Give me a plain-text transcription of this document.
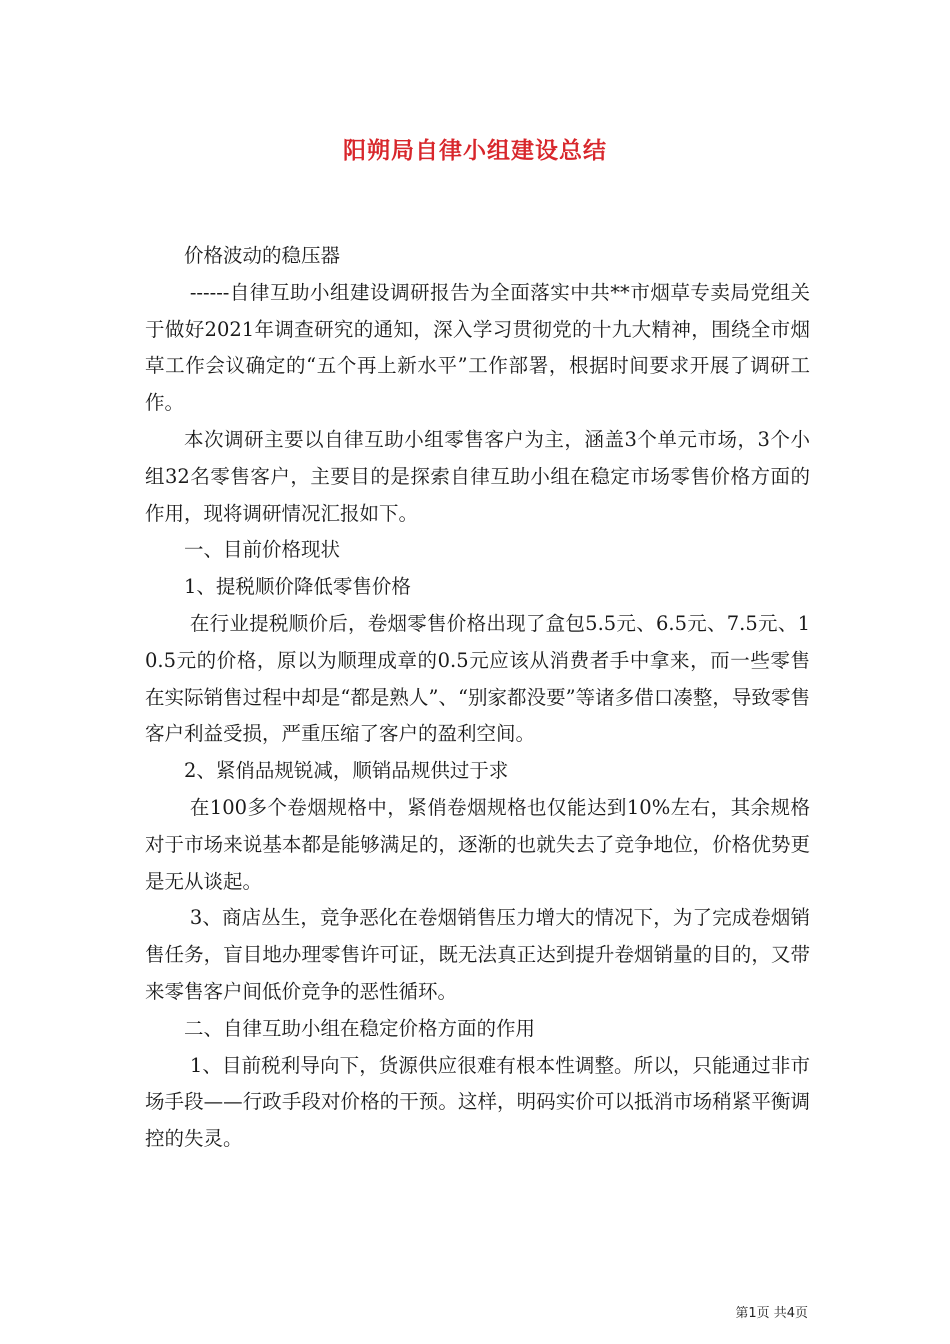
阳朔局自律小组建设总结

价格波动的稳压器

------自律互助小组建设调研报告为全面落实中共**市烟草专卖局党组关于做好2021年调查研究的通知，深入学习贯彻党的十九大精神，围绕全市烟草工作会议确定的“五个再上新水平”工作部署，根据时间要求开展了调研工作。

本次调研主要以自律互助小组零售客户为主，涵盖3个单元市场，3个小组32名零售客户，主要目的是探索自律互助小组在稳定市场零售价格方面的作用，现将调研情况汇报如下。

一、目前价格现状

1、提税顺价降低零售价格

在行业提税顺价后，卷烟零售价格出现了盒包5.5元、6.5元、7.5元、10.5元的价格，原以为顺理成章的0.5元应该从消费者手中拿来，而一些零售在实际销售过程中却是“都是熟人”、“别家都没要”等诸多借口凑整，导致零售客户利益受损，严重压缩了客户的盈利空间。

2、紧俏品规锐减，顺销品规供过于求

在100多个卷烟规格中，紧俏卷烟规格也仅能达到10%左右，其余规格对于市场来说基本都是能够满足的，逐渐的也就失去了竞争地位，价格优势更是无从谈起。

3、商店丛生，竞争恶化在卷烟销售压力增大的情况下，为了完成卷烟销售任务，盲目地办理零售许可证，既无法真正达到提升卷烟销量的目的，又带来零售客户间低价竞争的恶性循环。

二、自律互助小组在稳定价格方面的作用

1、目前税利导向下，货源供应很难有根本性调整。所以，只能通过非市场手段——行政手段对价格的干预。这样，明码实价可以抵消市场稍紧平衡调控的失灵。

第1页 共4页
